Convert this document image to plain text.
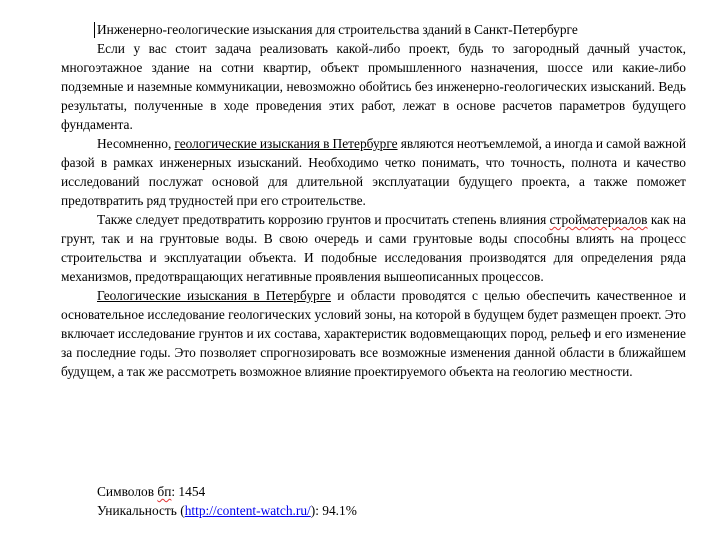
Инженерно-геологические изыскания для строительства зданий в Санкт-Петербурге

Если у вас стоит задача реализовать какой-либо проект, будь то загородный дачный участок, многоэтажное здание на сотни квартир, объект промышленного назначения, шоссе или какие-либо подземные и наземные коммуникации, невозможно обойтись без инженерно-геологических изысканий. Ведь результаты, полученные в ходе проведения этих работ, лежат в основе расчетов параметров будущего фундамента.

Несомненно, геологические изыскания в Петербурге являются неотъемлемой, а иногда и самой важной фазой в рамках инженерных изысканий. Необходимо четко понимать, что точность, полнота и качество исследований послужат основой для длительной эксплуатации будущего проекта, а также поможет предотвратить ряд трудностей при его строительстве.

Также следует предотвратить коррозию грунтов и просчитать степень влияния стройматериалов как на грунт, так и на грунтовые воды. В свою очередь и сами грунтовые воды способны влиять на процесс строительства и эксплуатации объекта. И подобные исследования производятся для определения ряда механизмов, предотвращающих негативные проявления вышеописанных процессов.

Геологические изыскания в Петербурге и области проводятся с целью обеспечить качественное и основательное исследование геологических условий зоны, на которой в будущем будет размещен проект. Это включает исследование грунтов и их состава, характеристик водовмещающих пород, рельеф и его изменение за последние годы. Это позволяет спрогнозировать все возможные изменения данной области в ближайшем будущем, а так же рассмотреть возможное влияние проектируемого объекта на геологию местности.

Символов бп: 1454
Уникальность (http://content-watch.ru/): 94.1%
